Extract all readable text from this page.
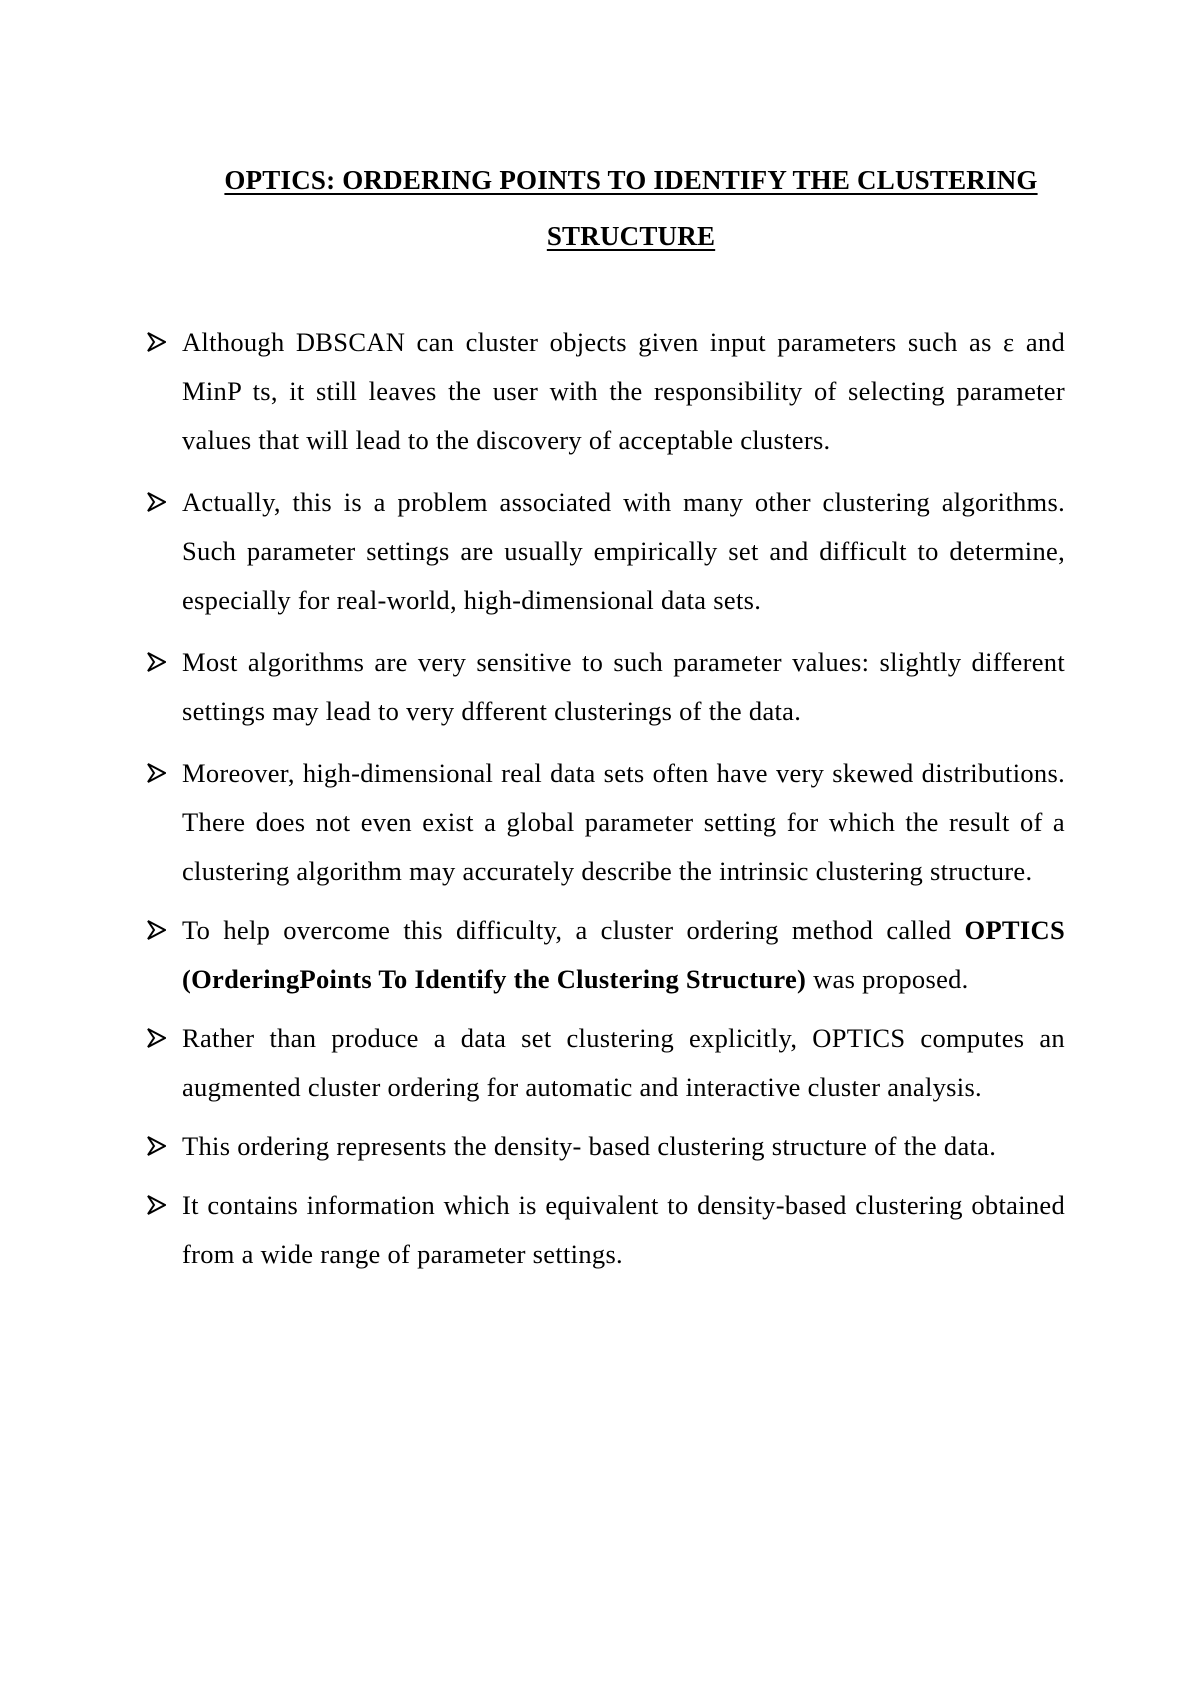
OPTICS: ORDERING POINTS TO IDENTIFY THE CLUSTERING
STRUCTURE
Although DBSCAN can cluster objects given input parameters such as ε and MinP ts, it still leaves the user with the responsibility of selecting parameter values that will lead to the discovery of acceptable clusters.
Actually, this is a problem associated with many other clustering algorithms. Such parameter settings are usually empirically set and difficult to determine, especially for real-world, high-dimensional data sets.
Most algorithms are very sensitive to such parameter values: slightly different settings may lead to very dfferent clusterings of the data.
Moreover, high-dimensional real data sets often have very skewed distributions. There does not even exist a global parameter setting for which the result of a clustering algorithm may accurately describe the intrinsic clustering structure.
To help overcome this difficulty, a cluster ordering method called OPTICS (OrderingPoints To Identify the Clustering Structure) was proposed.
Rather than produce a data set clustering explicitly, OPTICS computes an augmented cluster ordering for automatic and interactive cluster analysis.
This ordering represents the density- based clustering structure of the data.
It contains information which is equivalent to density-based clustering obtained from a wide range of parameter settings.
